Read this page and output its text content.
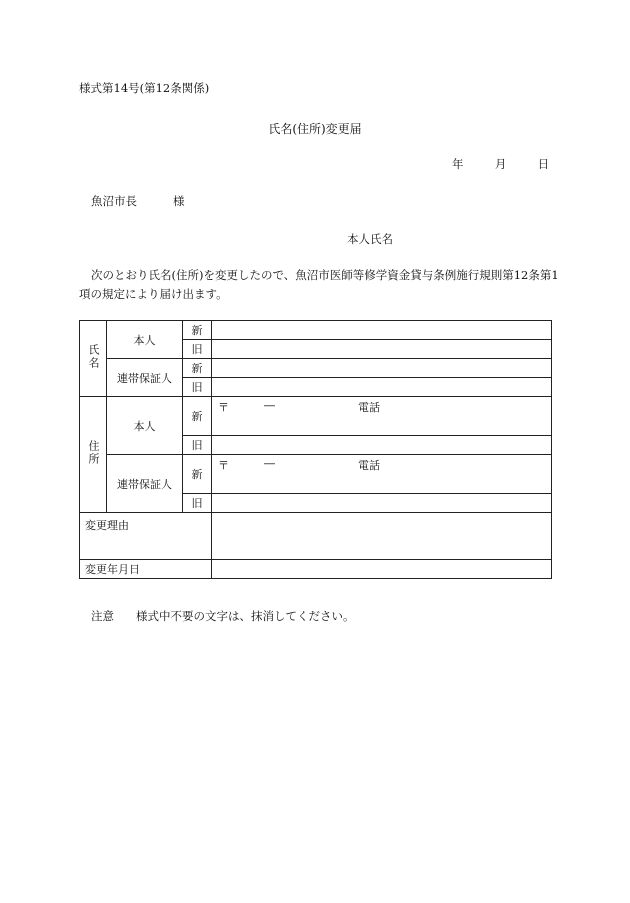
様式第14号(第12条関係)
氏名(住所)変更届
年	月	日
魚沼市長	様
本人氏名
次のとおり氏名(住所)を変更したので、魚沼市医師等修学資金貸与条例施行規則第12条第1項の規定により届け出ます。
氏名	本人	新	
		旧	
	連帯保証人	新	
		旧	
住所	本人	新	〒 ― 電話

		旧	
	連帯保証人	新	〒 ― 電話

		旧	
変更理由			
変更年月日			
注意 様式中不要の文字は、抹消してください。
